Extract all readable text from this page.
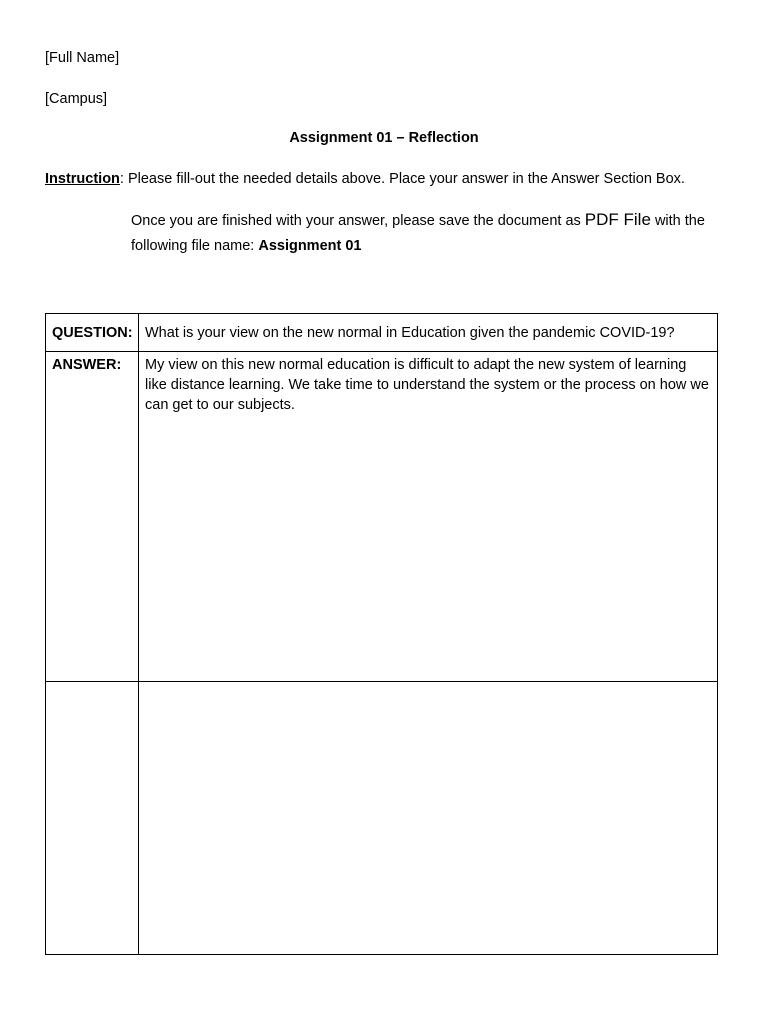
[Full Name]
[Campus]
Assignment 01 – Reflection
Instruction: Please fill-out the needed details above. Place your answer in the Answer Section Box.
Once you are finished with your answer, please save the document as PDF File with the
following file name: Assignment 01
QUESTION:	What is your view on the new normal in Education given the pandemic COVID-19?
ANSWER:	My view on this new normal education is difficult to adapt the new system of learning like distance learning. We take time to understand the system or the process on how we can get to our subjects.
